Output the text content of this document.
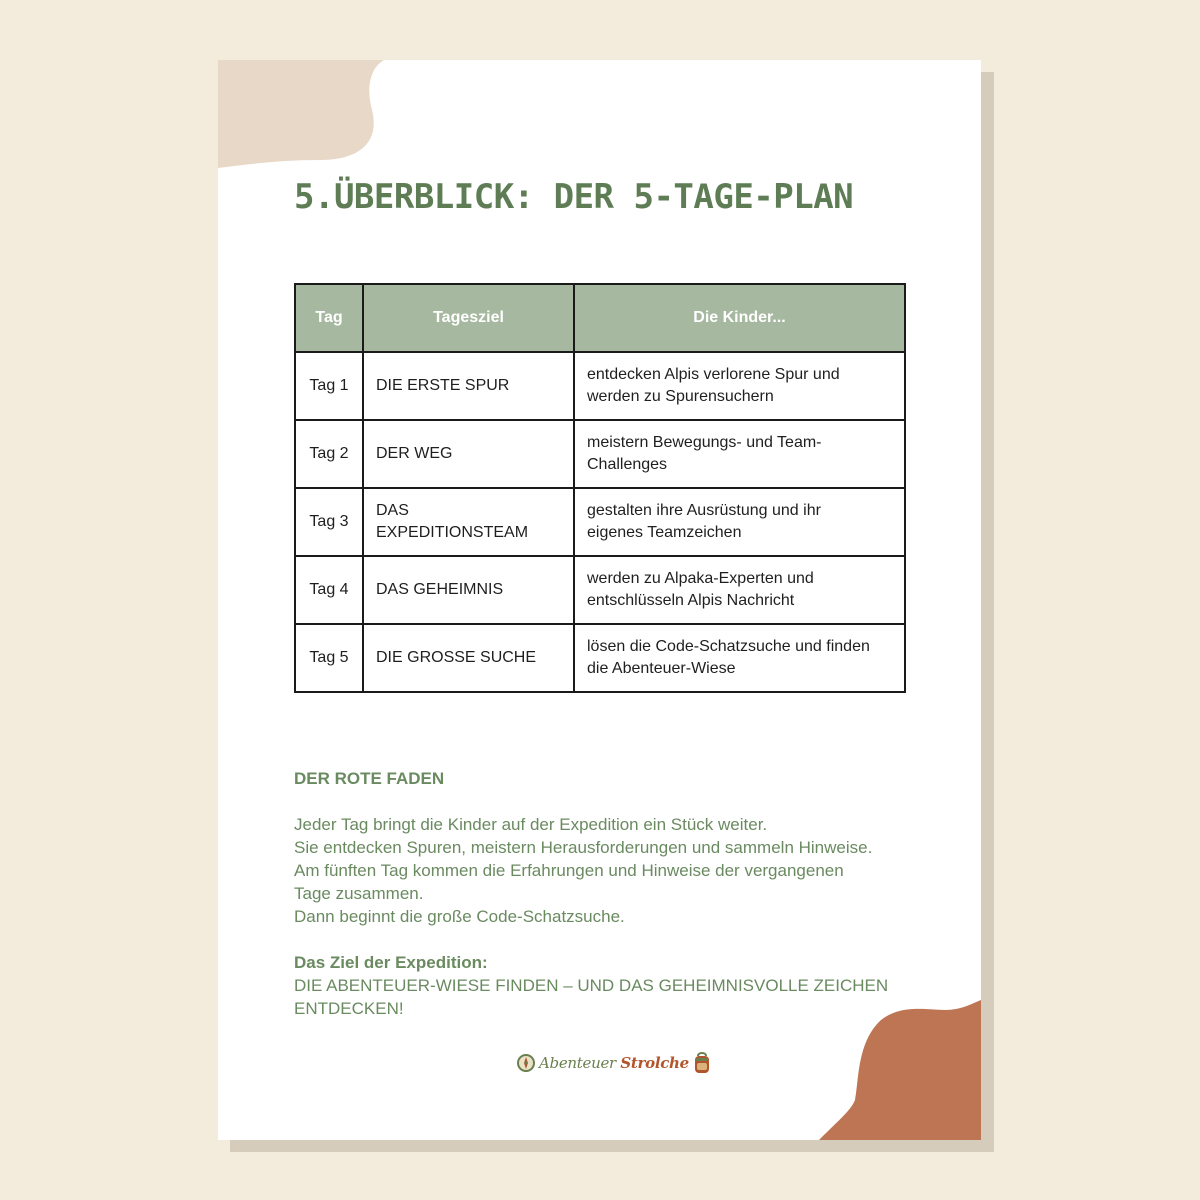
5.ÜBERBLICK: DER 5-TAGE-PLAN
Tag	Tagesziel	Die Kinder...
Tag 1	DIE ERSTE SPUR	entdecken Alpis verlorene Spur und
werden zu Spurensuchern
Tag 2	DER WEG	meistern Bewegungs- und Team-
Challenges
Tag 3	DAS EXPEDITIONSTEAM	gestalten ihre Ausrüstung und ihr
eigenes Teamzeichen
Tag 4	DAS GEHEIMNIS	werden zu Alpaka-Experten und
entschlüsseln Alpis Nachricht
Tag 5	DIE GROSSE SUCHE	lösen die Code-Schatzsuche und finden
die Abenteuer-Wiese
DER ROTE FADEN

Jeder Tag bringt die Kinder auf der Expedition ein Stück weiter.

Sie entdecken Spuren, meistern Herausforderungen und sammeln Hinweise.

Am fünften Tag kommen die Erfahrungen und Hinweise der vergangenen

Tage zusammen.

Dann beginnt die große Code-Schatzsuche.

Das Ziel der Expedition:

DIE ABENTEUER-WIESE FINDEN – UND DAS GEHEIMNISVOLLE ZEICHEN

ENTDECKEN!

Abenteuer Strolche
